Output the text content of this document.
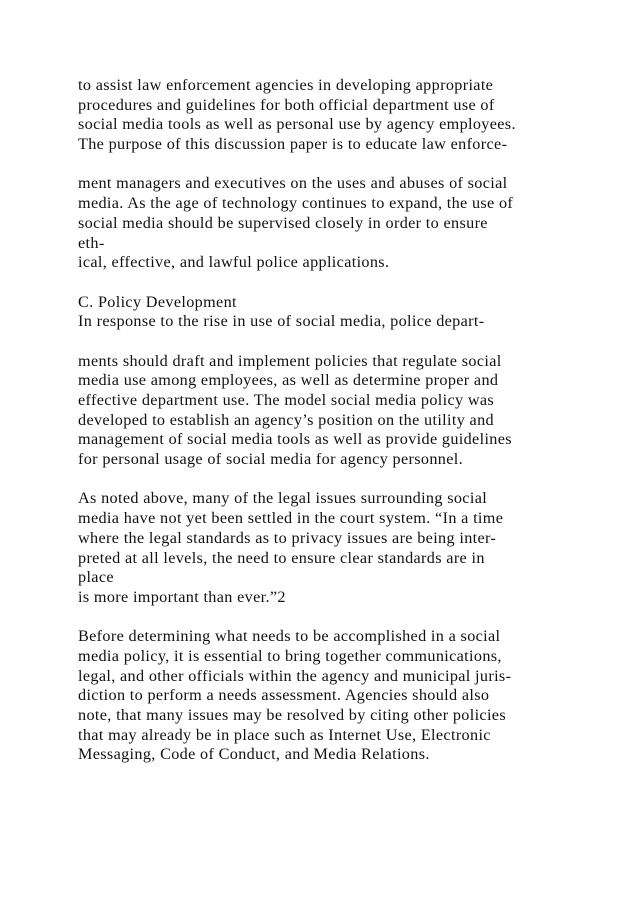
to assist law enforcement agencies in developing appropriate
procedures and guidelines for both official department use of
social media tools as well as personal use by agency employees.
The purpose of this discussion paper is to educate law enforce-
ment managers and executives on the uses and abuses of social
media. As the age of technology continues to expand, the use of
social media should be supervised closely in order to ensure
eth-
ical, effective, and lawful police applications.
C. Policy Development
In response to the rise in use of social media, police depart-
ments should draft and implement policies that regulate social
media use among employees, as well as determine proper and
effective department use. The model social media policy was
developed to establish an agency’s position on the utility and
management of social media tools as well as provide guidelines
for personal usage of social media for agency personnel.
As noted above, many of the legal issues surrounding social
media have not yet been settled in the court system. “In a time
where the legal standards as to privacy issues are being inter-
preted at all levels, the need to ensure clear standards are in
place
is more important than ever.”2
Before determining what needs to be accomplished in a social
media policy, it is essential to bring together communications,
legal, and other officials within the agency and municipal juris-
diction to perform a needs assessment. Agencies should also
note, that many issues may be resolved by citing other policies
that may already be in place such as Internet Use, Electronic
Messaging, Code of Conduct, and Media Relations.
